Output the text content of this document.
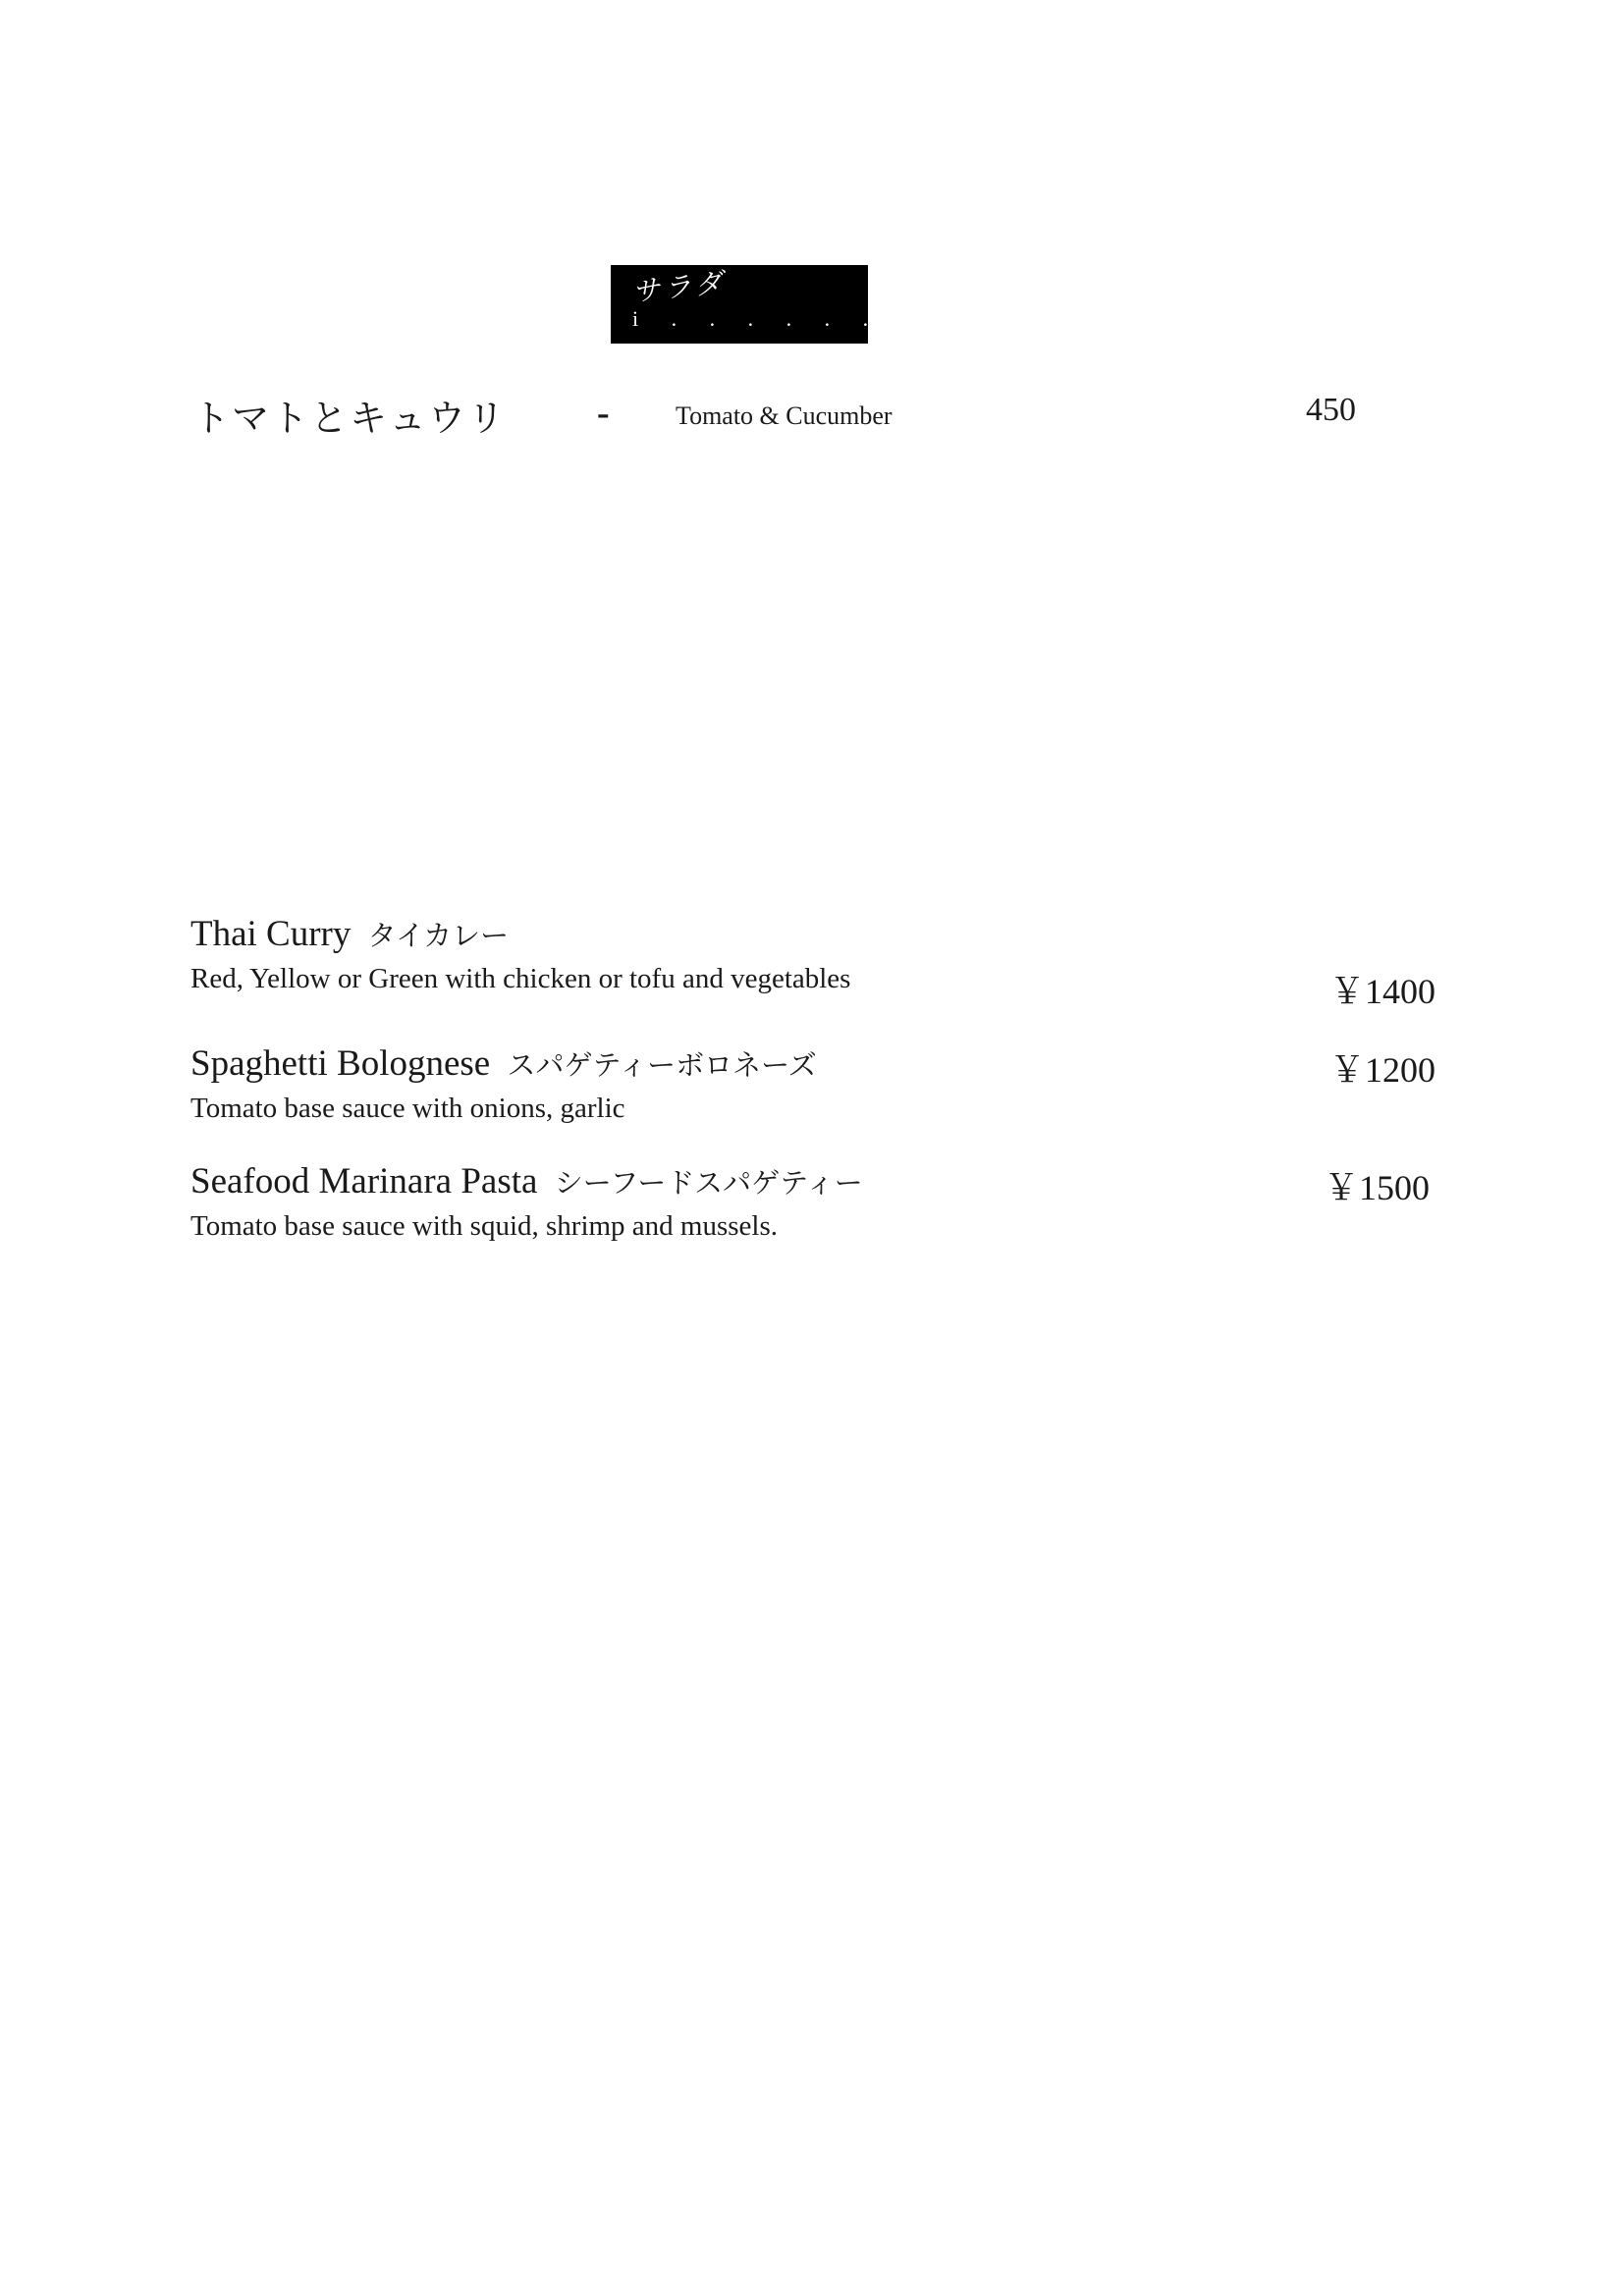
サラダ
i . . . . . . .
トマトとキュウリ -	Tomato & Cucumber	450
Thai Curry タイカレー
Red, Yellow or Green with chicken or tofu and vegetables	￥1400
Spaghetti Bolognese スパゲティーボロネーズ
Tomato base sauce with onions, garlic
￥1200
Seafood Marinara Pasta シーフードスパゲティー
Tomato base sauce with squid, shrimp and mussels.
￥1500
